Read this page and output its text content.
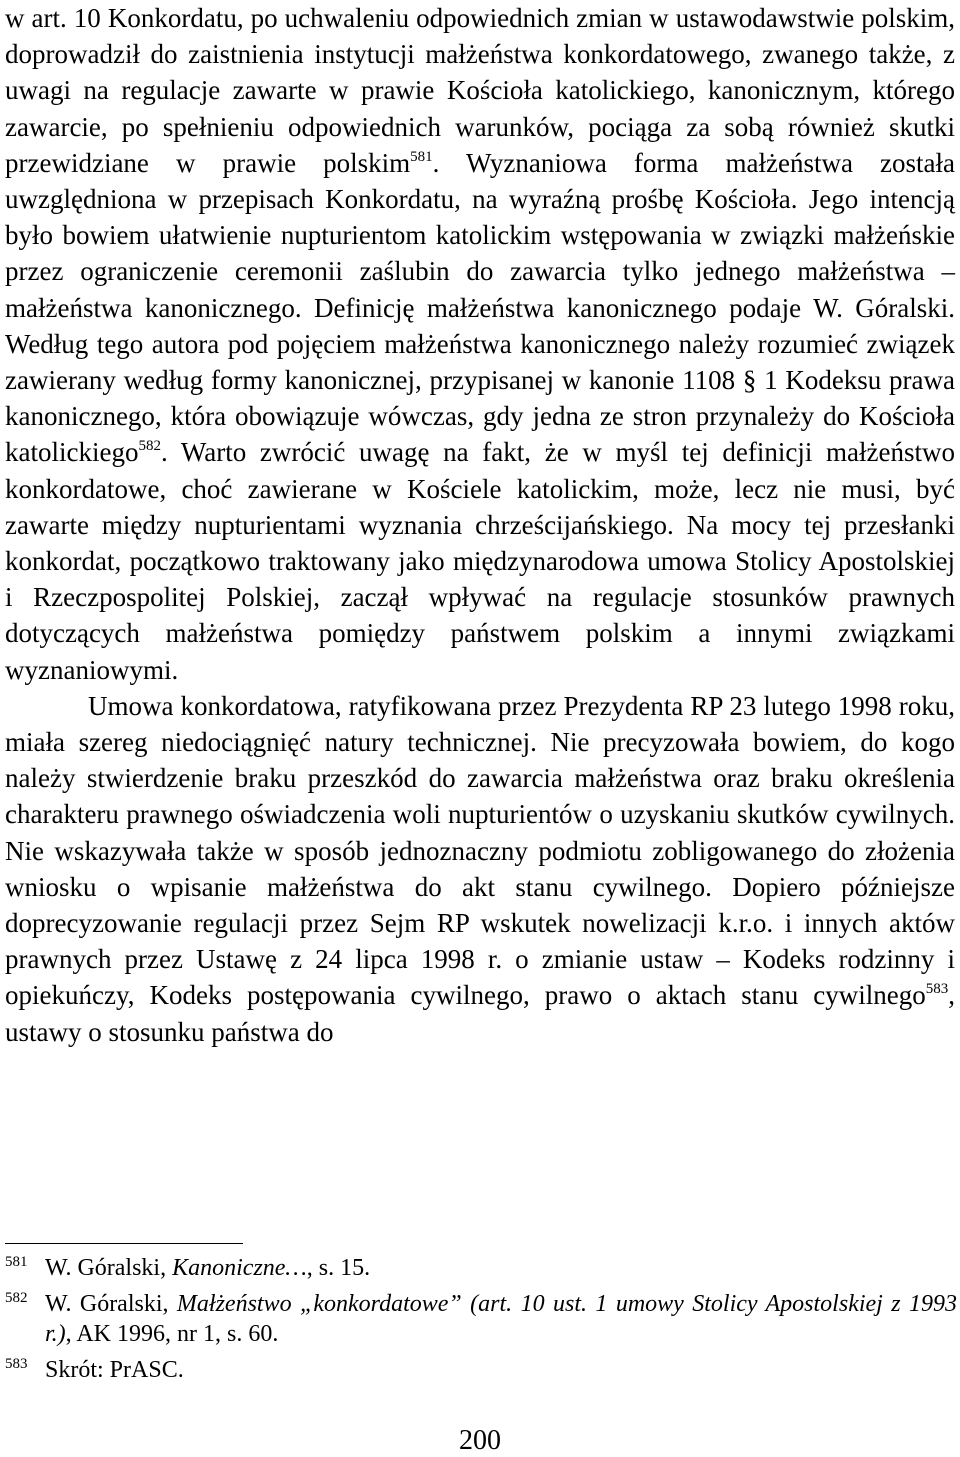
w art. 10 Konkordatu, po uchwaleniu odpowiednich zmian w ustawodawstwie polskim, doprowadził do zaistnienia instytucji małżeństwa konkordatowego, zwanego także, z uwagi na regulacje zawarte w prawie Kościoła katolickiego, kanonicznym, którego zawarcie, po spełnieniu odpowiednich warunków, pociąga za sobą również skutki przewidziane w prawie polskim$^{581}$. Wyznaniowa forma małżeństwa została uwzględniona w przepisach Konkordatu, na wyraźną prośbę Kościoła. Jego intencją było bowiem ułatwienie nupturientom katolickim wstępowania w związki małżeńskie przez ograniczenie ceremonii zaślubin do zawarcia tylko jednego małżeństwa – małżeństwa kanonicznego. Definicję małżeństwa kanonicznego podaje W. Góralski. Według tego autora pod pojęciem małżeństwa kanonicznego należy rozumieć związek zawierany według formy kanonicznej, przypisanej w kanonie 1108 § 1 Kodeksu prawa kanonicznego, która obowiązuje wówczas, gdy jedna ze stron przynależy do Kościoła katolickiego$^{582}$. Warto zwrócić uwagę na fakt, że w myśl tej definicji małżeństwo konkordatowe, choć zawierane w Kościele katolickim, może, lecz nie musi, być zawarte między nupturientami wyznania chrześcijańskiego. Na mocy tej przesłanki konkordat, początkowo traktowany jako międzynarodowa umowa Stolicy Apostolskiej i Rzeczpospolitej Polskiej, zaczął wpływać na regulacje stosunków prawnych dotyczących małżeństwa pomiędzy państwem polskim a innymi związkami wyznaniowymi.

Umowa konkordatowa, ratyfikowana przez Prezydenta RP 23 lutego 1998 roku, miała szereg niedociągnięć natury technicznej. Nie precyzowała bowiem, do kogo należy stwierdzenie braku przeszkód do zawarcia małżeństwa oraz braku określenia charakteru prawnego oświadczenia woli nupturientów o uzyskaniu skutków cywilnych. Nie wskazywała także w sposób jednoznaczny podmiotu zobligowanego do złożenia wniosku o wpisanie małżeństwa do akt stanu cywilnego. Dopiero późniejsze doprecyzowanie regulacji przez Sejm RP wskutek nowelizacji k.r.o. i innych aktów prawnych przez Ustawę z 24 lipca 1998 r. o zmianie ustaw – Kodeks rodzinny i opiekuńczy, Kodeks postępowania cywilnego, prawo o aktach stanu cywilnego$^{583}$, ustawy o stosunku państwa do

581 W. Góralski, Kanoniczne…, s. 15.
582 W. Góralski, Małżeństwo „konkordatowe” (art. 10 ust. 1 umowy Stolicy Apostolskiej z 1993 r.), AK 1996, nr 1, s. 60.
583 Skrót: PrASC.
200
